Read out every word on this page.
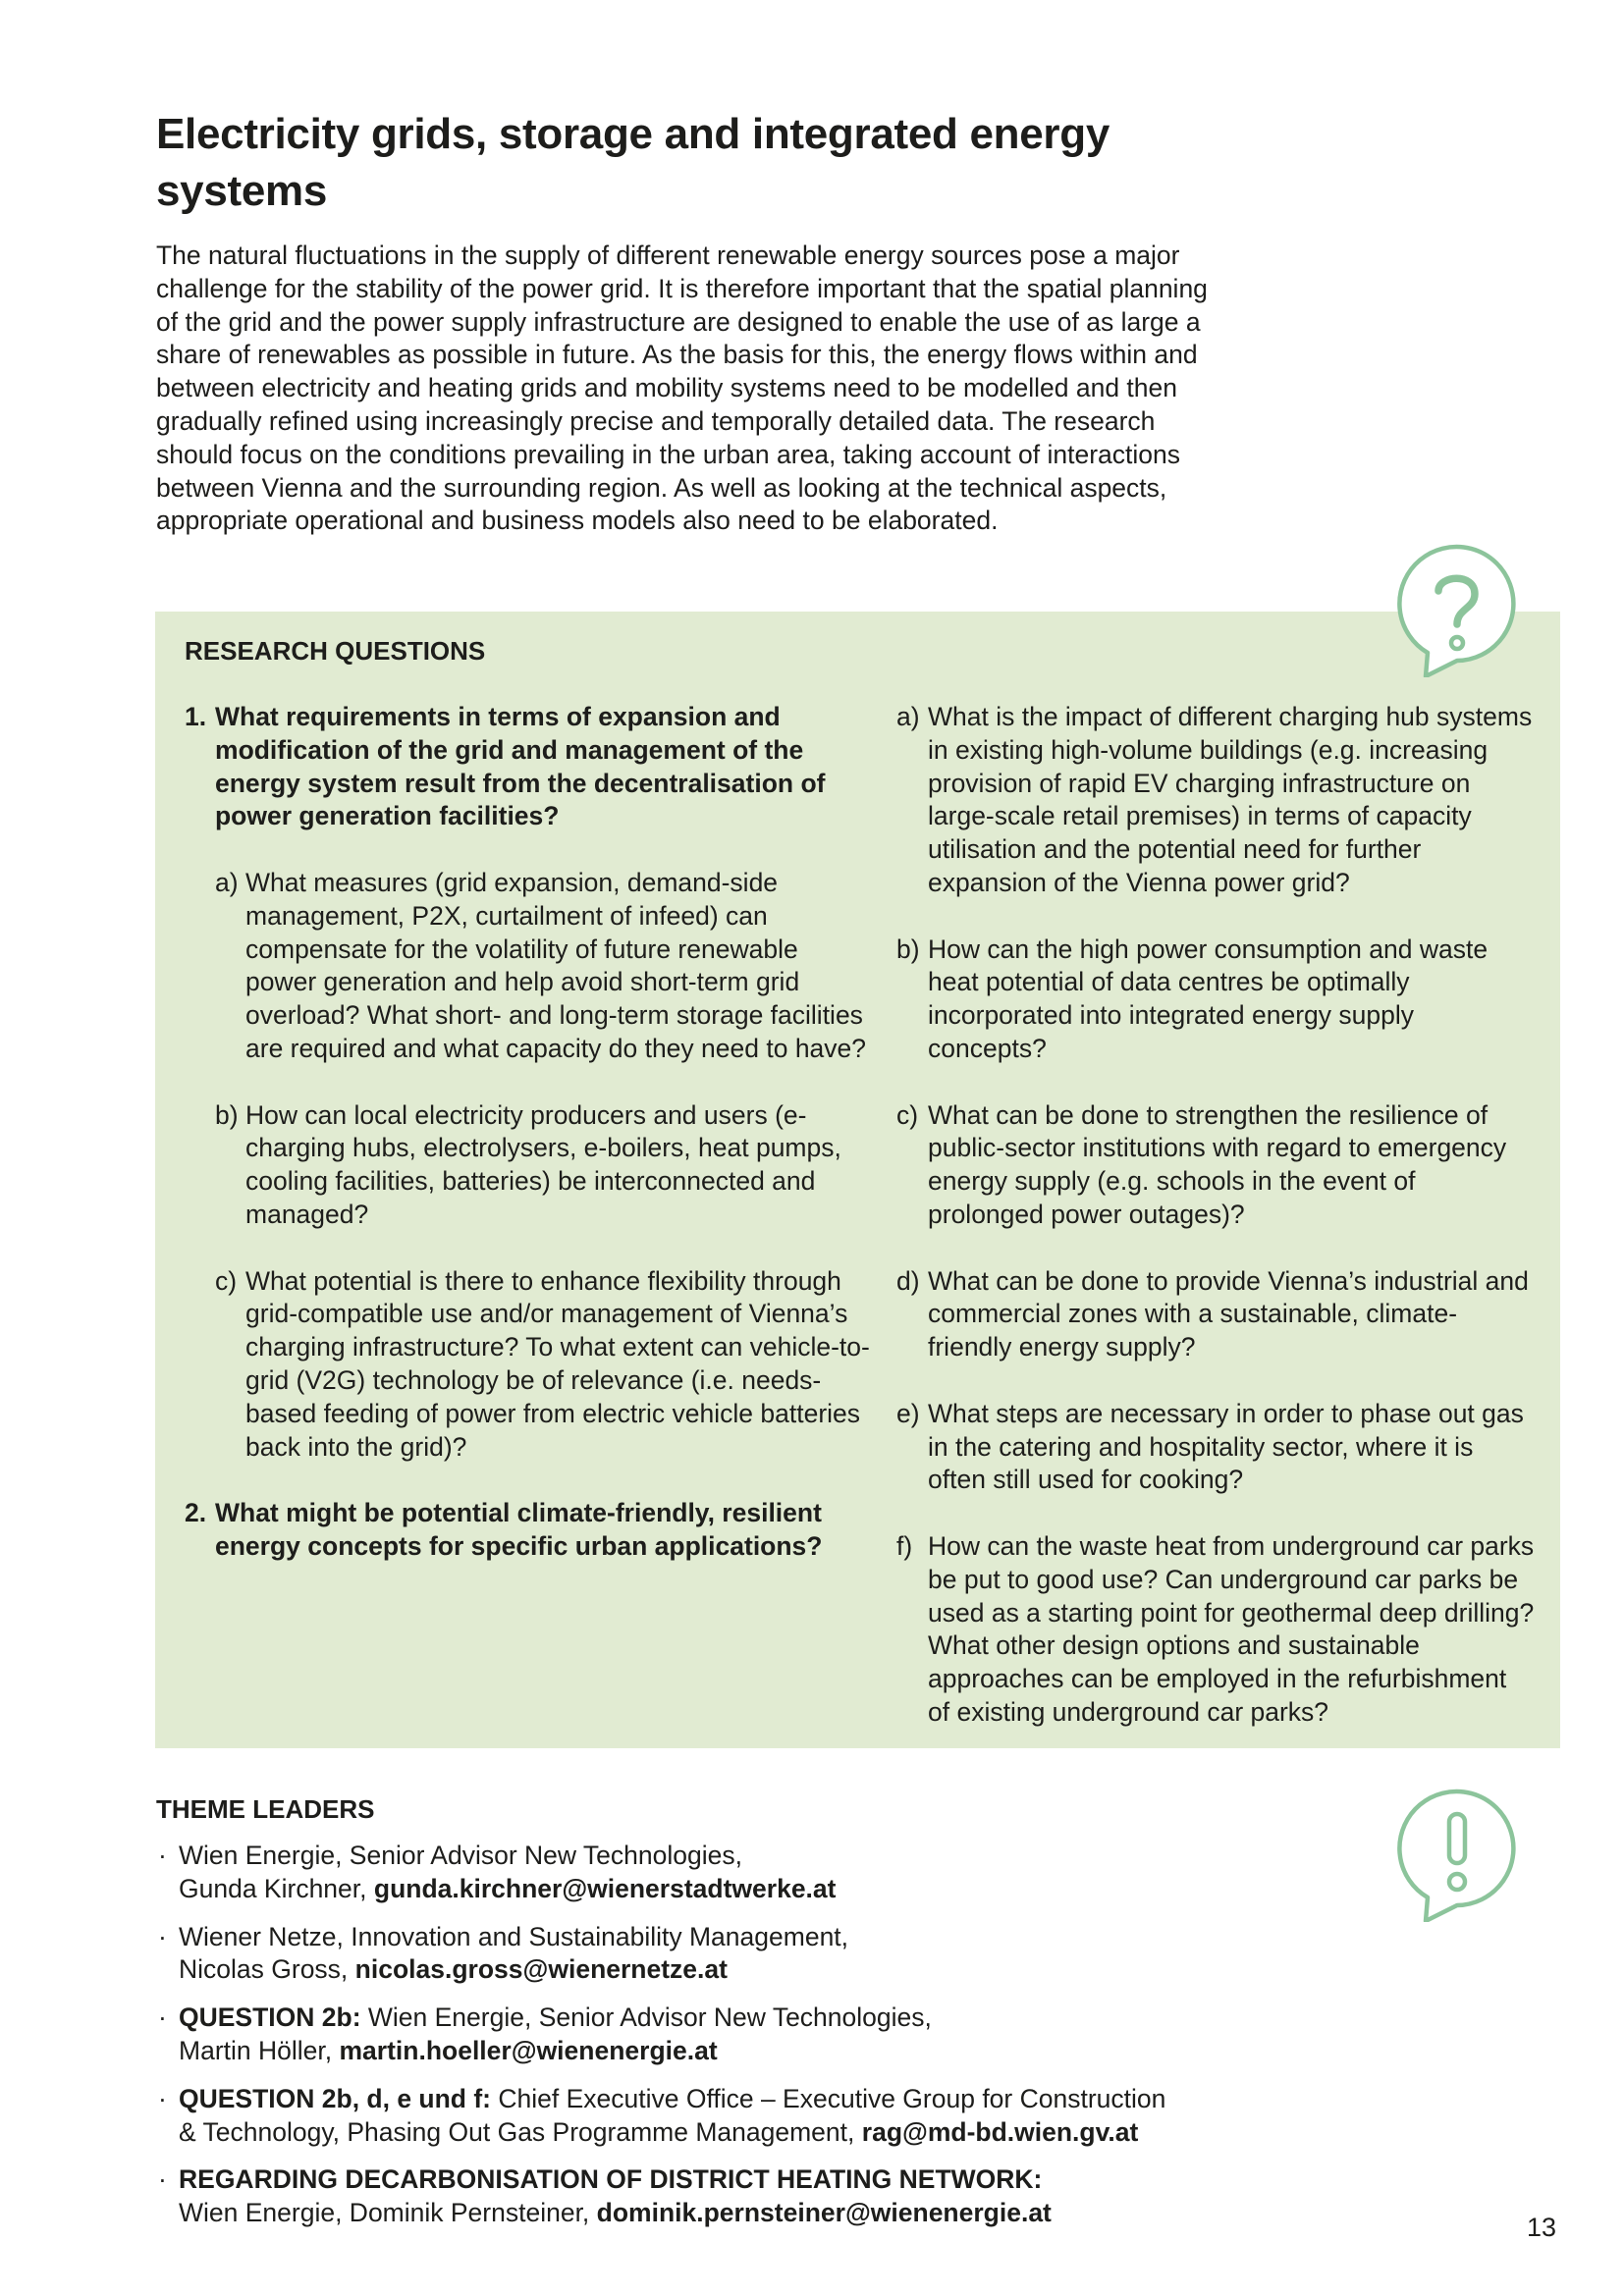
Electricity grids, storage and integrated energy systems

The natural fluctuations in the supply of different renewable energy sources pose a major challenge for the stability of the power grid. It is therefore important that the spatial planning of the grid and the power supply infrastructure are designed to enable the use of as large a share of renewables as possible in future. As the basis for this, the energy flows within and between electricity and heating grids and mobility systems need to be modelled and then gradually refined using increasingly precise and temporally detailed data. The research should focus on the conditions prevailing in the urban area, taking account of interactions between Vienna and the surrounding region. As well as looking at the technical aspects, appropriate operational and business models also need to be elaborated.

RESEARCH QUESTIONS
1. What requirements in terms of expansion and modification of the grid and management of the energy system result from the decentralisation of power generation facilities?
a) What measures (grid expansion, demand-side management, P2X, curtailment of infeed) can compensate for the volatility of future renewable power generation and help avoid short-term grid overload? What short- and long-term storage facilities are required and what capacity do they need to have?
b) How can local electricity producers and users (e-charging hubs, electrolysers, e-boilers, heat pumps, cooling facilities, batteries) be interconnected and managed?
c) What potential is there to enhance flexibility through grid-compatible use and/or management of Vienna’s charging infrastructure? To what extent can vehicle-to-grid (V2G) technology be of relevance (i.e. needs-based feeding of power from electric vehicle batteries back into the grid)?
2. What might be potential climate-friendly, resilient energy concepts for specific urban applications?
a) What is the impact of different charging hub systems in existing high-volume buildings (e.g. increasing provision of rapid EV charging infrastructure on large-scale retail premises) in terms of capacity utilisation and the potential need for further expansion of the Vienna power grid?
b) How can the high power consumption and waste heat potential of data centres be optimally incorporated into integrated energy supply concepts?
c) What can be done to strengthen the resilience of public-sector institutions with regard to emergency energy supply (e.g. schools in the event of prolonged power outages)?
d) What can be done to provide Vienna’s industrial and commercial zones with a sustainable, climate-friendly energy supply?
e) What steps are necessary in order to phase out gas in the catering and hospitality sector, where it is often still used for cooking?
f) How can the waste heat from underground car parks be put to good use? Can underground car parks be used as a starting point for geothermal deep drilling? What other design options and sustainable approaches can be employed in the refurbishment of existing underground car parks?
THEME LEADERS
· Wien Energie, Senior Advisor New Technologies,
Gunda Kirchner, gunda.kirchner@wienerstadtwerke.at
· Wiener Netze, Innovation and Sustainability Management,
Nicolas Gross, nicolas.gross@wienernetze.at
· QUESTION 2b: Wien Energie, Senior Advisor New Technologies,
Martin Höller, martin.hoeller@wienenergie.at
· QUESTION 2b, d, e und f: Chief Executive Office – Executive Group for Construction
& Technology, Phasing Out Gas Programme Management, rag@md-bd.wien.gv.at
· REGARDING DECARBONISATION OF DISTRICT HEATING NETWORK:
Wien Energie, Dominik Pernsteiner, dominik.pernsteiner@wienenergie.at	13
